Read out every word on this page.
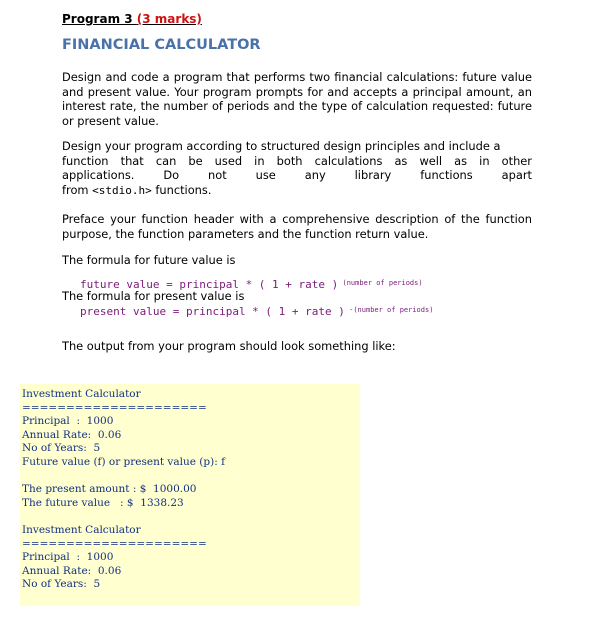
Program 3 (3 marks)

FINANCIAL CALCULATOR

Design and code a program that performs two financial calculations: future value and present value. Your program prompts for and accepts a principal amount, an interest rate, the number of periods and the type of calculation requested: future or present value.

Design your program according to structured design principles and include a
function that can be used in both calculations as well as in other
applications. Do not use any library functions apart
from <stdio.h> functions.

Preface your function header with a comprehensive description of the function purpose, the function parameters and the function return value.

The formula for future value is

future value = principal * ( 1 + rate ) $^{(number of periods)}$

The formula for present value is

present value = principal * ( 1 + rate ) $^{-(number of periods)}$

The output from your program should look something like:

Investment Calculator
=====================
Principal  :  1000
Annual Rate:  0.06
No of Years:  5
Future value (f) or present value (p): f

The present amount : $  1000.00
The future value   : $  1338.23

Investment Calculator
=====================
Principal  :  1000
Annual Rate:  0.06
No of Years:  5
